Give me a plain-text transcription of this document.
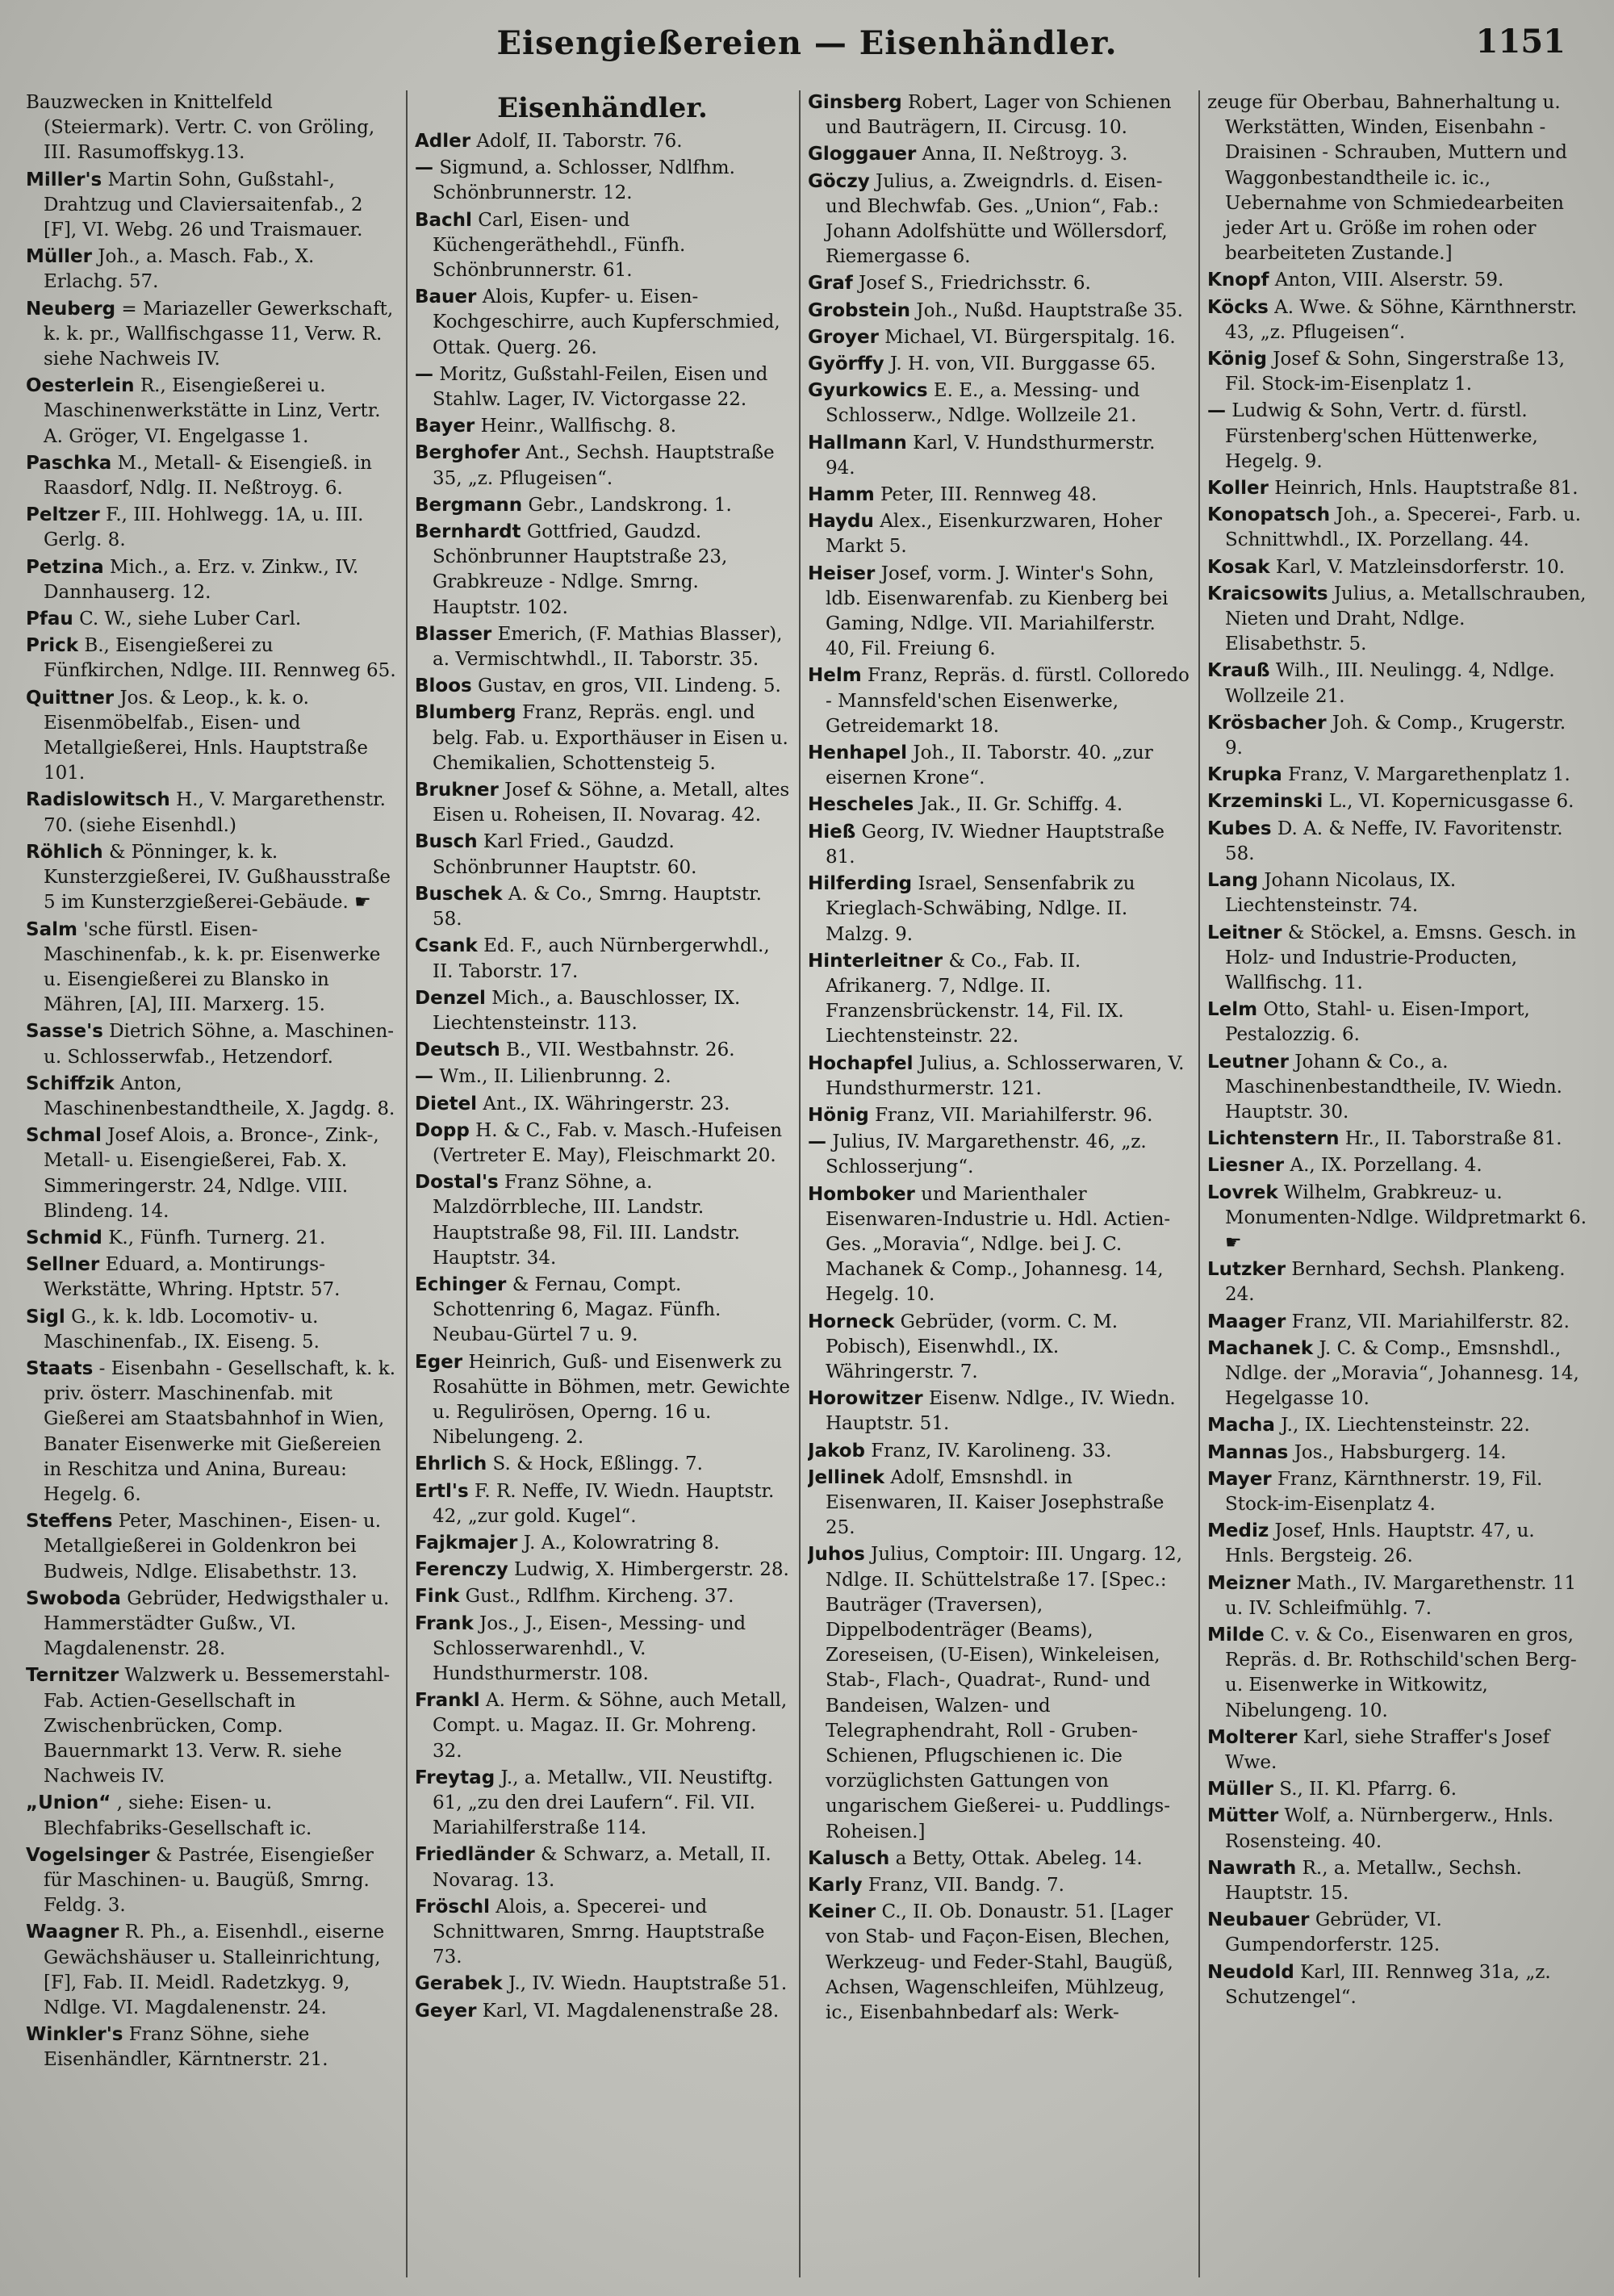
Eisengießereien — Eisenhändler.	1151
Bauzwecken in Knittelfeld (Steiermark). Vertr. C. von Gröling, III. Rasumoffskyg.13.
Miller's Martin Sohn, Gußstahl-, Drahtzug und Claviersaitenfab., 2 [F], VI. Webg. 26 und Traismauer.
Müller Joh., a. Masch. Fab., X. Erlachg. 57.
Neuberg = Mariazeller Gewerkschaft, k. k. pr., Wallfischgasse 11, Verw. R. siehe Nachweis IV.
Oesterlein R., Eisengießerei u. Maschinenwerkstätte in Linz, Vertr. A. Gröger, VI. Engelgasse 1.
Paschka M., Metall- & Eisengieß. in Raasdorf, Ndlg. II. Neßtroyg. 6.
Peltzer F., III. Hohlwegg. 1A, u. III. Gerlg. 8.
Petzina Mich., a. Erz. v. Zinkw., IV. Dannhauserg. 12.
Pfau C. W., siehe Luber Carl.
Prick B., Eisengießerei zu Fünfkirchen, Ndlge. III. Rennweg 65.
Quittner Jos. & Leop., k. k. o. Eisenmöbelfab., Eisen- und Metallgießerei, Hnls. Hauptstraße 101.
Radislowitsch H., V. Margarethenstr. 70. (siehe Eisenhdl.)
Röhlich & Pönninger, k. k. Kunsterzgießerei, IV. Gußhausstraße 5 im Kunsterzgießerei-Gebäude. ☛
Salm 'sche fürstl. Eisen-Maschinenfab., k. k. pr. Eisenwerke u. Eisengießerei zu Blansko in Mähren, [A], III. Marxerg. 15.
Sasse's Dietrich Söhne, a. Maschinen- u. Schlosserwfab., Hetzendorf.
Schiffzik Anton, Maschinenbestandtheile, X. Jagdg. 8.
Schmal Josef Alois, a. Bronce-, Zink-, Metall- u. Eisengießerei, Fab. X. Simmeringerstr. 24, Ndlge. VIII. Blindeng. 14.
Schmid K., Fünfh. Turnerg. 21.
Sellner Eduard, a. Montirungs-Werkstätte, Whring. Hptstr. 57.
Sigl G., k. k. ldb. Locomotiv- u. Maschinenfab., IX. Eiseng. 5.
Staats - Eisenbahn - Gesellschaft, k. k. priv. österr. Maschinenfab. mit Gießerei am Staatsbahnhof in Wien, Banater Eisenwerke mit Gießereien in Reschitza und Anina, Bureau: Hegelg. 6.
Steffens Peter, Maschinen-, Eisen- u. Metallgießerei in Goldenkron bei Budweis, Ndlge. Elisabethstr. 13.
Swoboda Gebrüder, Hedwigsthaler u. Hammerstädter Gußw., VI. Magdalenenstr. 28.
Ternitzer Walzwerk u. Bessemerstahl-Fab. Actien-Gesellschaft in Zwischenbrücken, Comp. Bauernmarkt 13. Verw. R. siehe Nachweis IV.
„Union“ , siehe: Eisen- u. Blechfabriks-Gesellschaft ic.
Vogelsinger & Pastrée, Eisengießer für Maschinen- u. Baugüß, Smrng. Feldg. 3.
Waagner R. Ph., a. Eisenhdl., eiserne Gewächshäuser u. Stalleinrichtung, [F], Fab. II. Meidl. Radetzkyg. 9, Ndlge. VI. Magdalenenstr. 24.
Winkler's Franz Söhne, siehe Eisenhändler, Kärntnerstr. 21.
Eisenhändler.
Adler Adolf, II. Taborstr. 76.
— Sigmund, a. Schlosser, Ndlfhm. Schönbrunnerstr. 12.
Bachl Carl, Eisen- und Küchengeräthehdl., Fünfh. Schönbrunnerstr. 61.
Bauer Alois, Kupfer- u. Eisen-Kochgeschirre, auch Kupferschmied, Ottak. Querg. 26.
— Moritz, Gußstahl-Feilen, Eisen und Stahlw. Lager, IV. Victorgasse 22.
Bayer Heinr., Wallfischg. 8.
Berghofer Ant., Sechsh. Hauptstraße 35, „z. Pflugeisen“.
Bergmann Gebr., Landskrong. 1.
Bernhardt Gottfried, Gaudzd. Schönbrunner Hauptstraße 23, Grabkreuze - Ndlge. Smrng. Hauptstr. 102.
Blasser Emerich, (F. Mathias Blasser), a. Vermischtwhdl., II. Taborstr. 35.
Bloos Gustav, en gros, VII. Lindeng. 5.
Blumberg Franz, Repräs. engl. und belg. Fab. u. Exporthäuser in Eisen u. Chemikalien, Schottensteig 5.
Brukner Josef & Söhne, a. Metall, altes Eisen u. Roheisen, II. Novarag. 42.
Busch Karl Fried., Gaudzd. Schönbrunner Hauptstr. 60.
Buschek A. & Co., Smrng. Hauptstr. 58.
Csank Ed. F., auch Nürnbergerwhdl., II. Taborstr. 17.
Denzel Mich., a. Bauschlosser, IX. Liechtensteinstr. 113.
Deutsch B., VII. Westbahnstr. 26.
— Wm., II. Lilienbrunng. 2.
Dietel Ant., IX. Währingerstr. 23.
Dopp H. & C., Fab. v. Masch.-Hufeisen (Vertreter E. May), Fleischmarkt 20.
Dostal's Franz Söhne, a. Malzdörrbleche, III. Landstr. Hauptstraße 98, Fil. III. Landstr. Hauptstr. 34.
Echinger & Fernau, Compt. Schottenring 6, Magaz. Fünfh. Neubau-Gürtel 7 u. 9.
Eger Heinrich, Guß- und Eisenwerk zu Rosahütte in Böhmen, metr. Gewichte u. Regulirösen, Operng. 16 u. Nibelungeng. 2.
Ehrlich S. & Hock, Eßlingg. 7.
Ertl's F. R. Neffe, IV. Wiedn. Hauptstr. 42, „zur gold. Kugel“.
Fajkmajer J. A., Kolowratring 8.
Ferenczy Ludwig, X. Himbergerstr. 28.
Fink Gust., Rdlfhm. Kircheng. 37.
Frank Jos., J., Eisen-, Messing- und Schlosserwarenhdl., V. Hundsthurmerstr. 108.
Frankl A. Herm. & Söhne, auch Metall, Compt. u. Magaz. II. Gr. Mohreng. 32.
Freytag J., a. Metallw., VII. Neustiftg. 61, „zu den drei Laufern“. Fil. VII. Mariahilferstraße 114.
Friedländer & Schwarz, a. Metall, II. Novarag. 13.
Fröschl Alois, a. Specerei- und Schnittwaren, Smrng. Hauptstraße 73.
Gerabek J., IV. Wiedn. Hauptstraße 51.
Geyer Karl, VI. Magdalenenstraße 28.
Ginsberg Robert, Lager von Schienen und Bauträgern, II. Circusg. 10.
Gloggauer Anna, II. Neßtroyg. 3.
Göczy Julius, a. Zweigndrls. d. Eisen- und Blechwfab. Ges. „Union“, Fab.: Johann Adolfshütte und Wöllersdorf, Riemergasse 6.
Graf Josef S., Friedrichsstr. 6.
Grobstein Joh., Nußd. Hauptstraße 35.
Groyer Michael, VI. Bürgerspitalg. 16.
Györffy J. H. von, VII. Burggasse 65.
Gyurkowics E. E., a. Messing- und Schlosserw., Ndlge. Wollzeile 21.
Hallmann Karl, V. Hundsthurmerstr. 94.
Hamm Peter, III. Rennweg 48.
Haydu Alex., Eisenkurzwaren, Hoher Markt 5.
Heiser Josef, vorm. J. Winter's Sohn, ldb. Eisenwarenfab. zu Kienberg bei Gaming, Ndlge. VII. Mariahilferstr. 40, Fil. Freiung 6.
Helm Franz, Repräs. d. fürstl. Colloredo - Mannsfeld'schen Eisenwerke, Getreidemarkt 18.
Henhapel Joh., II. Taborstr. 40. „zur eisernen Krone“.
Hescheles Jak., II. Gr. Schiffg. 4.
Hieß Georg, IV. Wiedner Hauptstraße 81.
Hilferding Israel, Sensenfabrik zu Krieglach-Schwäbing, Ndlge. II. Malzg. 9.
Hinterleitner & Co., Fab. II. Afrikanerg. 7, Ndlge. II. Franzensbrückenstr. 14, Fil. IX. Liechtensteinstr. 22.
Hochapfel Julius, a. Schlosserwaren, V. Hundsthurmerstr. 121.
Hönig Franz, VII. Mariahilferstr. 96.
— Julius, IV. Margarethenstr. 46, „z. Schlosserjung“.
Homboker und Marienthaler Eisenwaren-Industrie u. Hdl. Actien-Ges. „Moravia“, Ndlge. bei J. C. Machanek & Comp., Johannesg. 14, Hegelg. 10.
Horneck Gebrüder, (vorm. C. M. Pobisch), Eisenwhdl., IX. Währingerstr. 7.
Horowitzer Eisenw. Ndlge., IV. Wiedn. Hauptstr. 51.
Jakob Franz, IV. Karolineng. 33.
Jellinek Adolf, Emsnshdl. in Eisenwaren, II. Kaiser Josephstraße 25.
Juhos Julius, Comptoir: III. Ungarg. 12, Ndlge. II. Schüttelstraße 17. [Spec.: Bauträger (Traversen), Dippelbodenträger (Beams), Zoreseisen, (U-Eisen), Winkeleisen, Stab-, Flach-, Quadrat-, Rund- und Bandeisen, Walzen- und Telegraphendraht, Roll - Gruben-Schienen, Pflugschienen ic. Die vorzüglichsten Gattungen von ungarischem Gießerei- u. Puddlings-Roheisen.]
Kalusch a Betty, Ottak. Abeleg. 14.
Karly Franz, VII. Bandg. 7.
Keiner C., II. Ob. Donaustr. 51. [Lager von Stab- und Façon-Eisen, Blechen, Werkzeug- und Feder-Stahl, Baugüß, Achsen, Wagenschleifen, Mühlzeug, ic., Eisenbahnbedarf als: Werk-
zeuge für Oberbau, Bahnerhaltung u. Werkstätten, Winden, Eisenbahn - Draisinen - Schrauben, Muttern und Waggonbestandtheile ic. ic., Uebernahme von Schmiedearbeiten jeder Art u. Größe im rohen oder bearbeiteten Zustande.]
Knopf Anton, VIII. Alserstr. 59.
Köcks A. Wwe. & Söhne, Kärnthnerstr. 43, „z. Pflugeisen“.
König Josef & Sohn, Singerstraße 13, Fil. Stock-im-Eisenplatz 1.
— Ludwig & Sohn, Vertr. d. fürstl. Fürstenberg'schen Hüttenwerke, Hegelg. 9.
Koller Heinrich, Hnls. Hauptstraße 81.
Konopatsch Joh., a. Specerei-, Farb. u. Schnittwhdl., IX. Porzellang. 44.
Kosak Karl, V. Matzleinsdorferstr. 10.
Kraicsowits Julius, a. Metallschrauben, Nieten und Draht, Ndlge. Elisabethstr. 5.
Krauß Wilh., III. Neulingg. 4, Ndlge. Wollzeile 21.
Krösbacher Joh. & Comp., Krugerstr. 9.
Krupka Franz, V. Margarethenplatz 1.
Krzeminski L., VI. Kopernicusgasse 6.
Kubes D. A. & Neffe, IV. Favoritenstr. 58.
Lang Johann Nicolaus, IX. Liechtensteinstr. 74.
Leitner & Stöckel, a. Emsns. Gesch. in Holz- und Industrie-Producten, Wallfischg. 11.
Lelm Otto, Stahl- u. Eisen-Import, Pestalozzig. 6.
Leutner Johann & Co., a. Maschinenbestandtheile, IV. Wiedn. Hauptstr. 30.
Lichtenstern Hr., II. Taborstraße 81.
Liesner A., IX. Porzellang. 4.
Lovrek Wilhelm, Grabkreuz- u. Monumenten-Ndlge. Wildpretmarkt 6. ☛
Lutzker Bernhard, Sechsh. Plankeng. 24.
Maager Franz, VII. Mariahilferstr. 82.
Machanek J. C. & Comp., Emsnshdl., Ndlge. der „Moravia“, Johannesg. 14, Hegelgasse 10.
Macha J., IX. Liechtensteinstr. 22.
Mannas Jos., Habsburgerg. 14.
Mayer Franz, Kärnthnerstr. 19, Fil. Stock-im-Eisenplatz 4.
Mediz Josef, Hnls. Hauptstr. 47, u. Hnls. Bergsteig. 26.
Meizner Math., IV. Margarethenstr. 11 u. IV. Schleifmühlg. 7.
Milde C. v. & Co., Eisenwaren en gros, Repräs. d. Br. Rothschild'schen Berg- u. Eisenwerke in Witkowitz, Nibelungeng. 10.
Molterer Karl, siehe Straffer's Josef Wwe.
Müller S., II. Kl. Pfarrg. 6.
Mütter Wolf, a. Nürnbergerw., Hnls. Rosensteing. 40.
Nawrath R., a. Metallw., Sechsh. Hauptstr. 15.
Neubauer Gebrüder, VI. Gumpendorferstr. 125.
Neudold Karl, III. Rennweg 31a, „z. Schutzengel“.
